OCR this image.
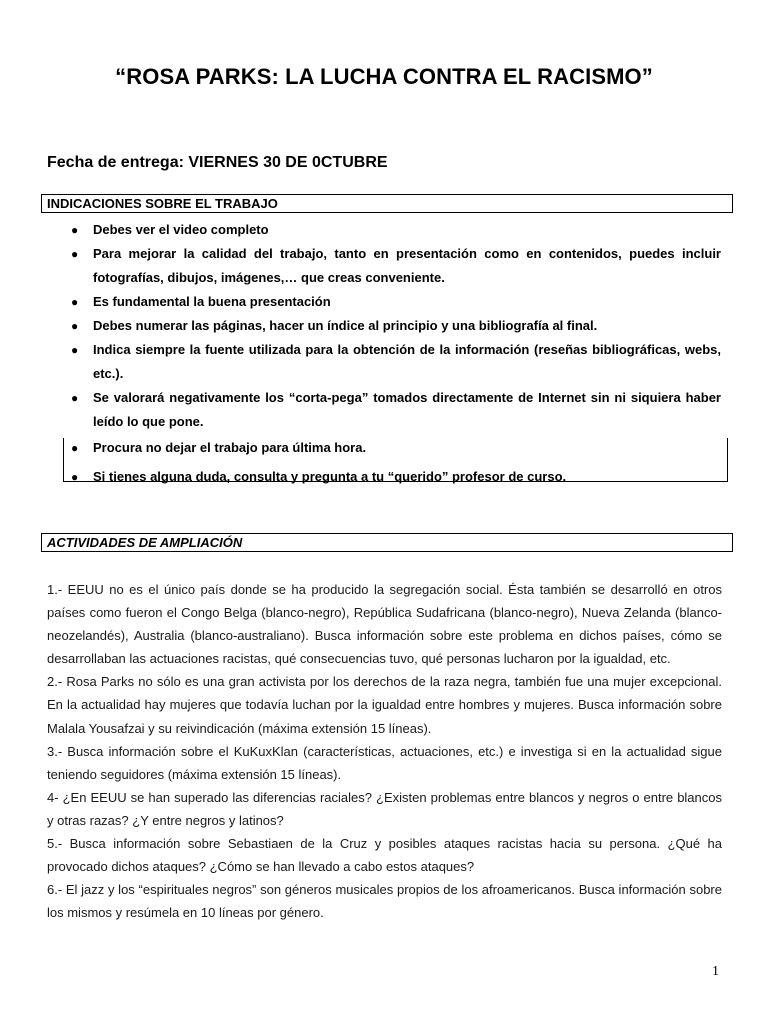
“ROSA PARKS: LA LUCHA CONTRA EL RACISMO”
Fecha de entrega: VIERNES 30 DE 0CTUBRE
INDICACIONES SOBRE EL TRABAJO
● Debes ver el video completo
● Para mejorar la calidad del trabajo, tanto en presentación como en contenidos, puedes incluir fotografías, dibujos, imágenes,… que creas conveniente.
● Es fundamental la buena presentación
● Debes numerar las páginas, hacer un índice al principio y una bibliografía al final.
● Indica siempre la fuente utilizada para la obtención de la información (reseñas bibliográficas, webs, etc.).
● Se valorará negativamente los “corta-pega” tomados directamente de Internet sin ni siquiera haber leído lo que pone.
● Procura no dejar el trabajo para última hora.
● Si tienes alguna duda, consulta y pregunta a tu “querido” profesor de curso.
ACTIVIDADES DE AMPLIACIÓN

1.- EEUU no es el único país donde se ha producido la segregación social. Ésta también se desarrolló en otros países como fueron el Congo Belga (blanco-negro), República Sudafricana (blanco-negro), Nueva Zelanda (blanco-neozelandés), Australia (blanco-australiano). Busca información sobre este problema en dichos países, cómo se desarrollaban las actuaciones racistas, qué consecuencias tuvo, qué personas lucharon por la igualdad, etc.

2.- Rosa Parks no sólo es una gran activista por los derechos de la raza negra, también fue una mujer excepcional. En la actualidad hay mujeres que todavía luchan por la igualdad entre hombres y mujeres. Busca información sobre Malala Yousafzai y su reivindicación (máxima extensión 15 líneas).

3.- Busca información sobre el KuKuxKlan (características, actuaciones, etc.) e investiga si en la actualidad sigue teniendo seguidores (máxima extensión 15 líneas).

4- ¿En EEUU se han superado las diferencias raciales? ¿Existen problemas entre blancos y negros o entre blancos y otras razas? ¿Y entre negros y latinos?

5.- Busca información sobre Sebastiaen de la Cruz y posibles ataques racistas hacia su persona. ¿Qué ha provocado dichos ataques? ¿Cómo se han llevado a cabo estos ataques?

6.- El jazz y los “espirituales negros” son géneros musicales propios de los afroamericanos. Busca información sobre los mismos y resúmela en 10 líneas por género.

1
